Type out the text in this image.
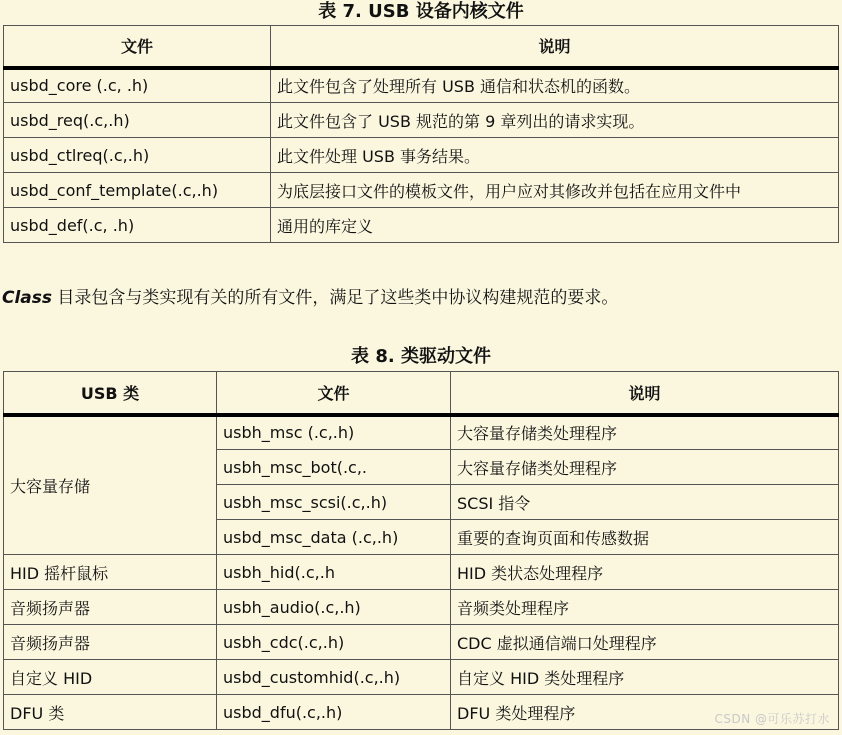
表 7. USB 设备内核文件
文件	说明
usbd_core (.c, .h)	此文件包含了处理所有 USB 通信和状态机的函数。
usbd_req(.c,.h)	此文件包含了 USB 规范的第 9 章列出的请求实现。
usbd_ctlreq(.c,.h)	此文件处理 USB 事务结果。
usbd_conf_template(.c,.h)	为底层接口文件的模板文件，用户应对其修改并包括在应用文件中
usbd_def(.c, .h)	通用的库定义
Class 目录包含与类实现有关的所有文件，满足了这些类中协议构建规范的要求。
表 8. 类驱动文件
USB 类	文件	说明
大容量存储	usbh_msc (.c,.h)	大容量存储类处理程序
	usbh_msc_bot(.c,.	大容量存储类处理程序
	usbh_msc_scsi(.c,.h)	SCSI 指令
	usbd_msc_data (.c,.h)	重要的查询页面和传感数据
HID 摇杆鼠标	usbh_hid(.c,.h	HID 类状态处理程序
音频扬声器	usbh_audio(.c,.h)	音频类处理程序
音频扬声器	usbh_cdc(.c,.h)	CDC 虚拟通信端口处理程序
自定义 HID	usbd_customhid(.c,.h)	自定义 HID 类处理程序
DFU 类	usbd_dfu(.c,.h)	DFU 类处理程序	CSDN @可乐苏打水
